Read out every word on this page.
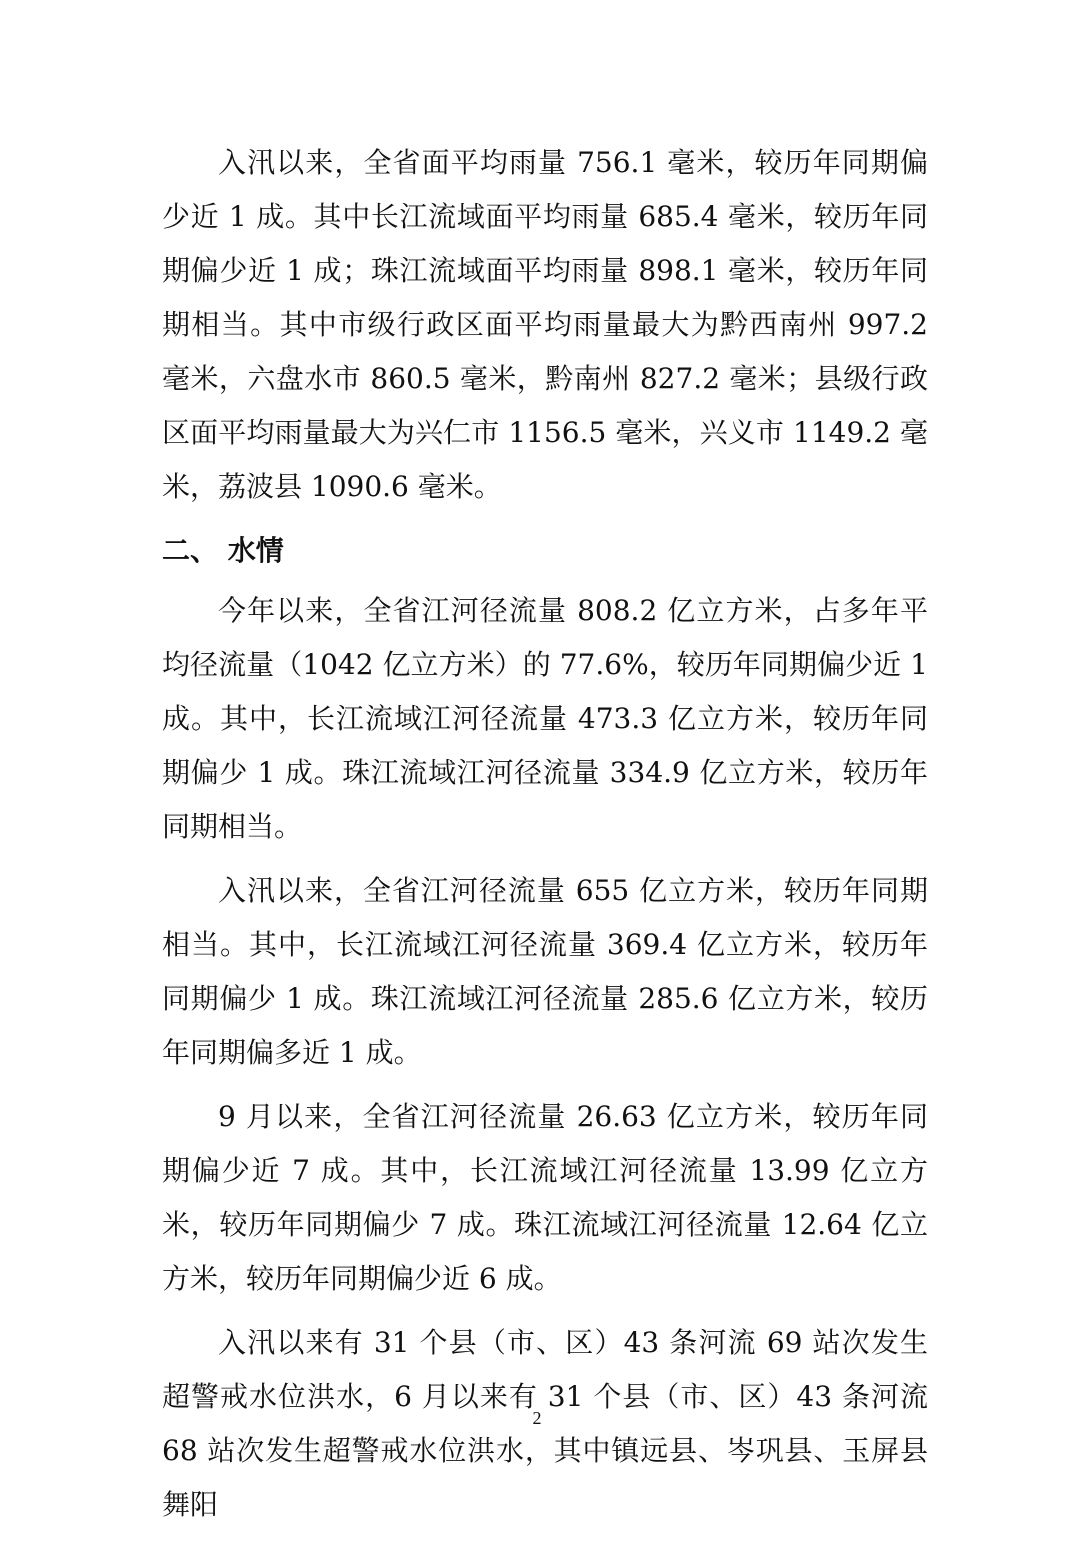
入汛以来，全省面平均雨量 756.1 毫米，较历年同期偏少近 1 成。其中长江流域面平均雨量 685.4 毫米，较历年同期偏少近 1 成；珠江流域面平均雨量 898.1 毫米，较历年同期相当。其中市级行政区面平均雨量最大为黔西南州 997.2 毫米，六盘水市 860.5 毫米，黔南州 827.2 毫米；县级行政区面平均雨量最大为兴仁市 1156.5 毫米，兴义市 1149.2 毫米，荔波县 1090.6 毫米。

二、 水情

今年以来，全省江河径流量 808.2 亿立方米，占多年平均径流量（1042 亿立方米）的 77.6%，较历年同期偏少近 1 成。其中，长江流域江河径流量 473.3 亿立方米，较历年同期偏少 1 成。珠江流域江河径流量 334.9 亿立方米，较历年同期相当。

入汛以来，全省江河径流量 655 亿立方米，较历年同期相当。其中，长江流域江河径流量 369.4 亿立方米，较历年同期偏少 1 成。珠江流域江河径流量 285.6 亿立方米，较历年同期偏多近 1 成。

9 月以来，全省江河径流量 26.63 亿立方米，较历年同期偏少近 7 成。其中，长江流域江河径流量 13.99 亿立方米，较历年同期偏少 7 成。珠江流域江河径流量 12.64 亿立方米，较历年同期偏少近 6 成。

入汛以来有 31 个县（市、区）43 条河流 69 站次发生超警戒水位洪水，6 月以来有 31 个县（市、区）43 条河流 68 站次发生超警戒水位洪水，其中镇远县、岑巩县、玉屏县舞阳

2
